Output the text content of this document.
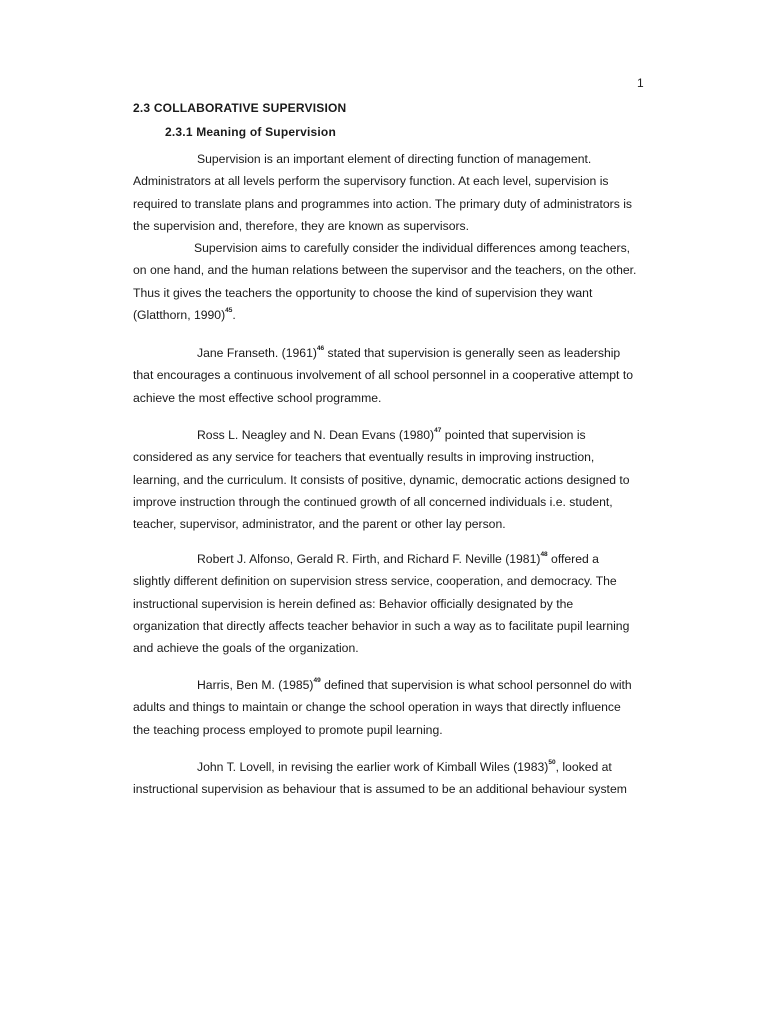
1
2.3 COLLABORATIVE SUPERVISION
2.3.1 Meaning of Supervision
Supervision is an important element of directing function of management.
Administrators at all levels perform the supervisory function. At each level, supervision is
required to translate plans and programmes into action. The primary duty of administrators is
the supervision and, therefore, they are known as supervisors.
Supervision aims to carefully consider the individual differences among teachers,
on one hand, and the human relations between the supervisor and the teachers, on the other.
Thus it gives the teachers the opportunity to choose the kind of supervision they want
(Glatthorn, 1990)$^{45}$.
Jane Franseth. $(1961)^{46}$ stated that supervision is generally seen as leadership
that encourages a continuous involvement of all school personnel in a cooperative attempt to
achieve the most effective school programme.
Ross L. Neagley and N. Dean Evans $(1980)^{47}$ pointed that supervision is
considered as any service for teachers that eventually results in improving instruction,
learning, and the curriculum. It consists of positive, dynamic, democratic actions designed to
improve instruction through the continued growth of all concerned individuals i.e. student,
teacher, supervisor, administrator, and the parent or other lay person.
Robert J. Alfonso, Gerald R. Firth, and Richard F. Neville $(1981)^{48}$ offered a
slightly different definition on supervision stress service, cooperation, and democracy. The
instructional supervision is herein defined as: Behavior officially designated by the
organization that directly affects teacher behavior in such a way as to facilitate pupil learning
and achieve the goals of the organization.
Harris, Ben M. $(1985)^{49}$ defined that supervision is what school personnel do with
adults and things to maintain or change the school operation in ways that directly influence
the teaching process employed to promote pupil learning.
John T. Lovell, in revising the earlier work of Kimball Wiles $(1983)^{50}$, looked at
instructional supervision as behaviour that is assumed to be an additional behaviour system
